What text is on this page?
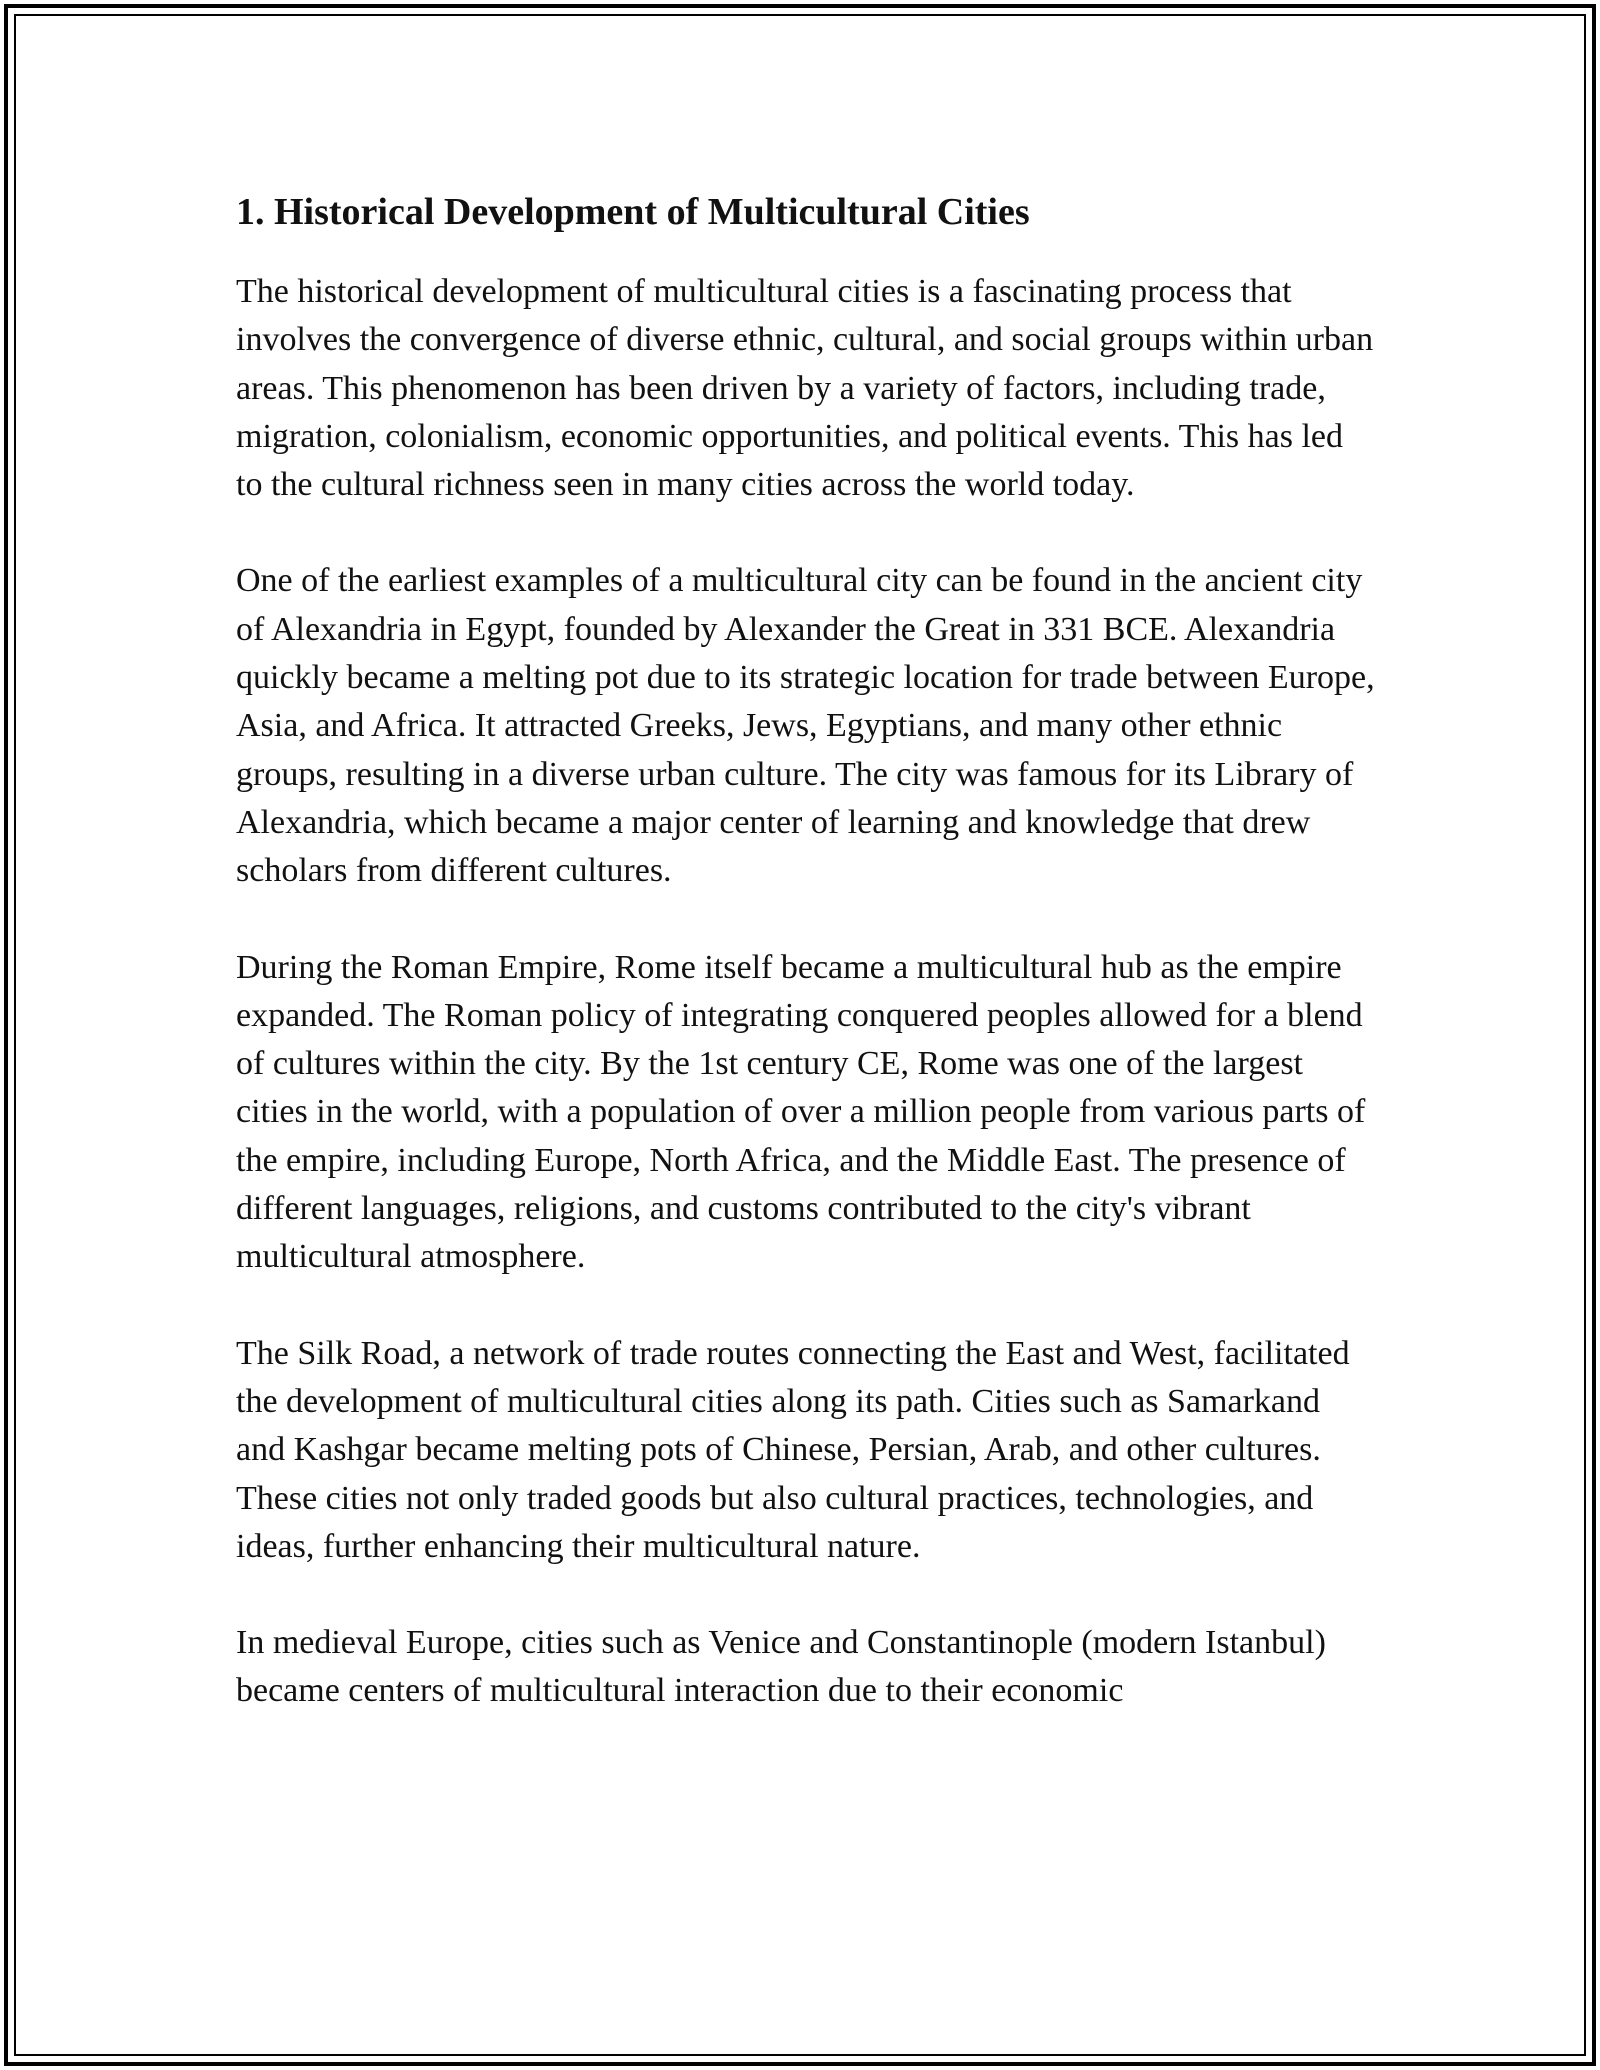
1. Historical Development of Multicultural Cities

The historical development of multicultural cities is a fascinating process that involves the convergence of diverse ethnic, cultural, and social groups within urban areas. This phenomenon has been driven by a variety of factors, including trade, migration, colonialism, economic opportunities, and political events. This has led to the cultural richness seen in many cities across the world today.

One of the earliest examples of a multicultural city can be found in the ancient city of Alexandria in Egypt, founded by Alexander the Great in 331 BCE. Alexandria quickly became a melting pot due to its strategic location for trade between Europe, Asia, and Africa. It attracted Greeks, Jews, Egyptians, and many other ethnic groups, resulting in a diverse urban culture. The city was famous for its Library of Alexandria, which became a major center of learning and knowledge that drew scholars from different cultures.

During the Roman Empire, Rome itself became a multicultural hub as the empire expanded. The Roman policy of integrating conquered peoples allowed for a blend of cultures within the city. By the 1st century CE, Rome was one of the largest cities in the world, with a population of over a million people from various parts of the empire, including Europe, North Africa, and the Middle East. The presence of different languages, religions, and customs contributed to the city's vibrant multicultural atmosphere.

The Silk Road, a network of trade routes connecting the East and West, facilitated the development of multicultural cities along its path. Cities such as Samarkand and Kashgar became melting pots of Chinese, Persian, Arab, and other cultures. These cities not only traded goods but also cultural practices, technologies, and ideas, further enhancing their multicultural nature.

In medieval Europe, cities such as Venice and Constantinople (modern Istanbul) became centers of multicultural interaction due to their economic
